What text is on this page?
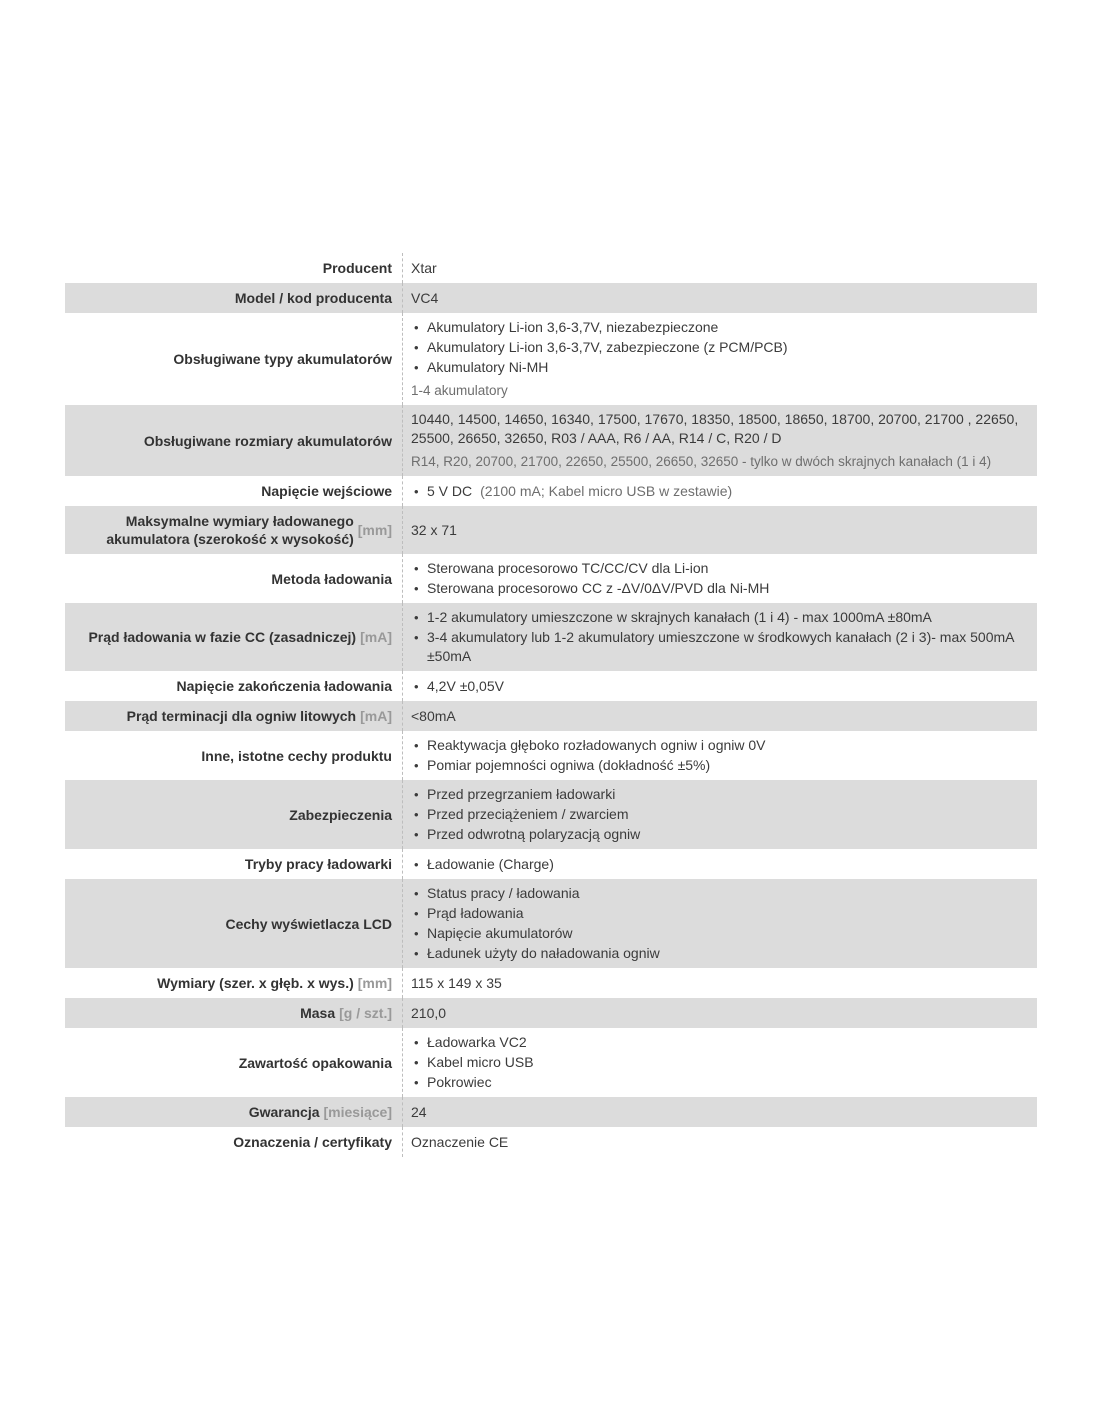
Producent Xtar
Model / kod producenta VC4
Obsługiwane typy akumulatorów
• Akumulatory Li-ion 3,6-3,7V, niezabezpieczone
• Akumulatory Li-ion 3,6-3,7V, zabezpieczone (z PCM/PCB)
• Akumulatory Ni-MH
1-4 akumulatory
Obsługiwane rozmiary akumulatorów
10440, 14500, 14650, 16340, 17500, 17670, 18350, 18500, 18650, 18700, 20700, 21700 , 22650, 25500, 26650, 32650, R03 / AAA, R6 / AA, R14 / C, R20 / D
R14, R20, 20700, 21700, 22650, 25500, 26650, 32650 - tylko w dwóch skrajnych kanałach (1 i 4)
Napięcie wejściowe • 5 V DC (2100 mA; Kabel micro USB w zestawie)
Maksymalne wymiary ładowanego akumulatora (szerokość x wysokość)
[mm] 32 x 71
Metoda ładowania
• Sterowana procesorowo TC/CC/CV dla Li-ion
• Sterowana procesorowo CC z -ΔV/0ΔV/PVD dla Ni-MH
Prąd ładowania w fazie CC (zasadniczej) [mA]
• 1-2 akumulatory umieszczone w skrajnych kanałach (1 i 4) - max 1000mA ±80mA
• 3-4 akumulatory lub 1-2 akumulatory umieszczone w środkowych kanałach (2 i 3)- max 500mA ±50mA
Napięcie zakończenia ładowania • 4,2V ±0,05V
Prąd terminacji dla ogniw litowych [mA] <80mA
Inne, istotne cechy produktu
• Reaktywacja głęboko rozładowanych ogniw i ogniw 0V
• Pomiar pojemności ogniwa (dokładność ±5%)
Zabezpieczenia
• Przed przegrzaniem ładowarki
• Przed przeciążeniem / zwarciem
• Przed odwrotną polaryzacją ogniw
Tryby pracy ładowarki • Ładowanie (Charge)
Cechy wyświetlacza LCD
• Status pracy / ładowania
• Prąd ładowania
• Napięcie akumulatorów
• Ładunek użyty do naładowania ogniw
Wymiary (szer. x głęb. x wys.) [mm] 115 x 149 x 35
Masa [g / szt.] 210,0
Zawartość opakowania
• Ładowarka VC2
• Kabel micro USB
• Pokrowiec
Gwarancja [miesiące] 24
Oznaczenia / certyfikaty Oznaczenie CE
